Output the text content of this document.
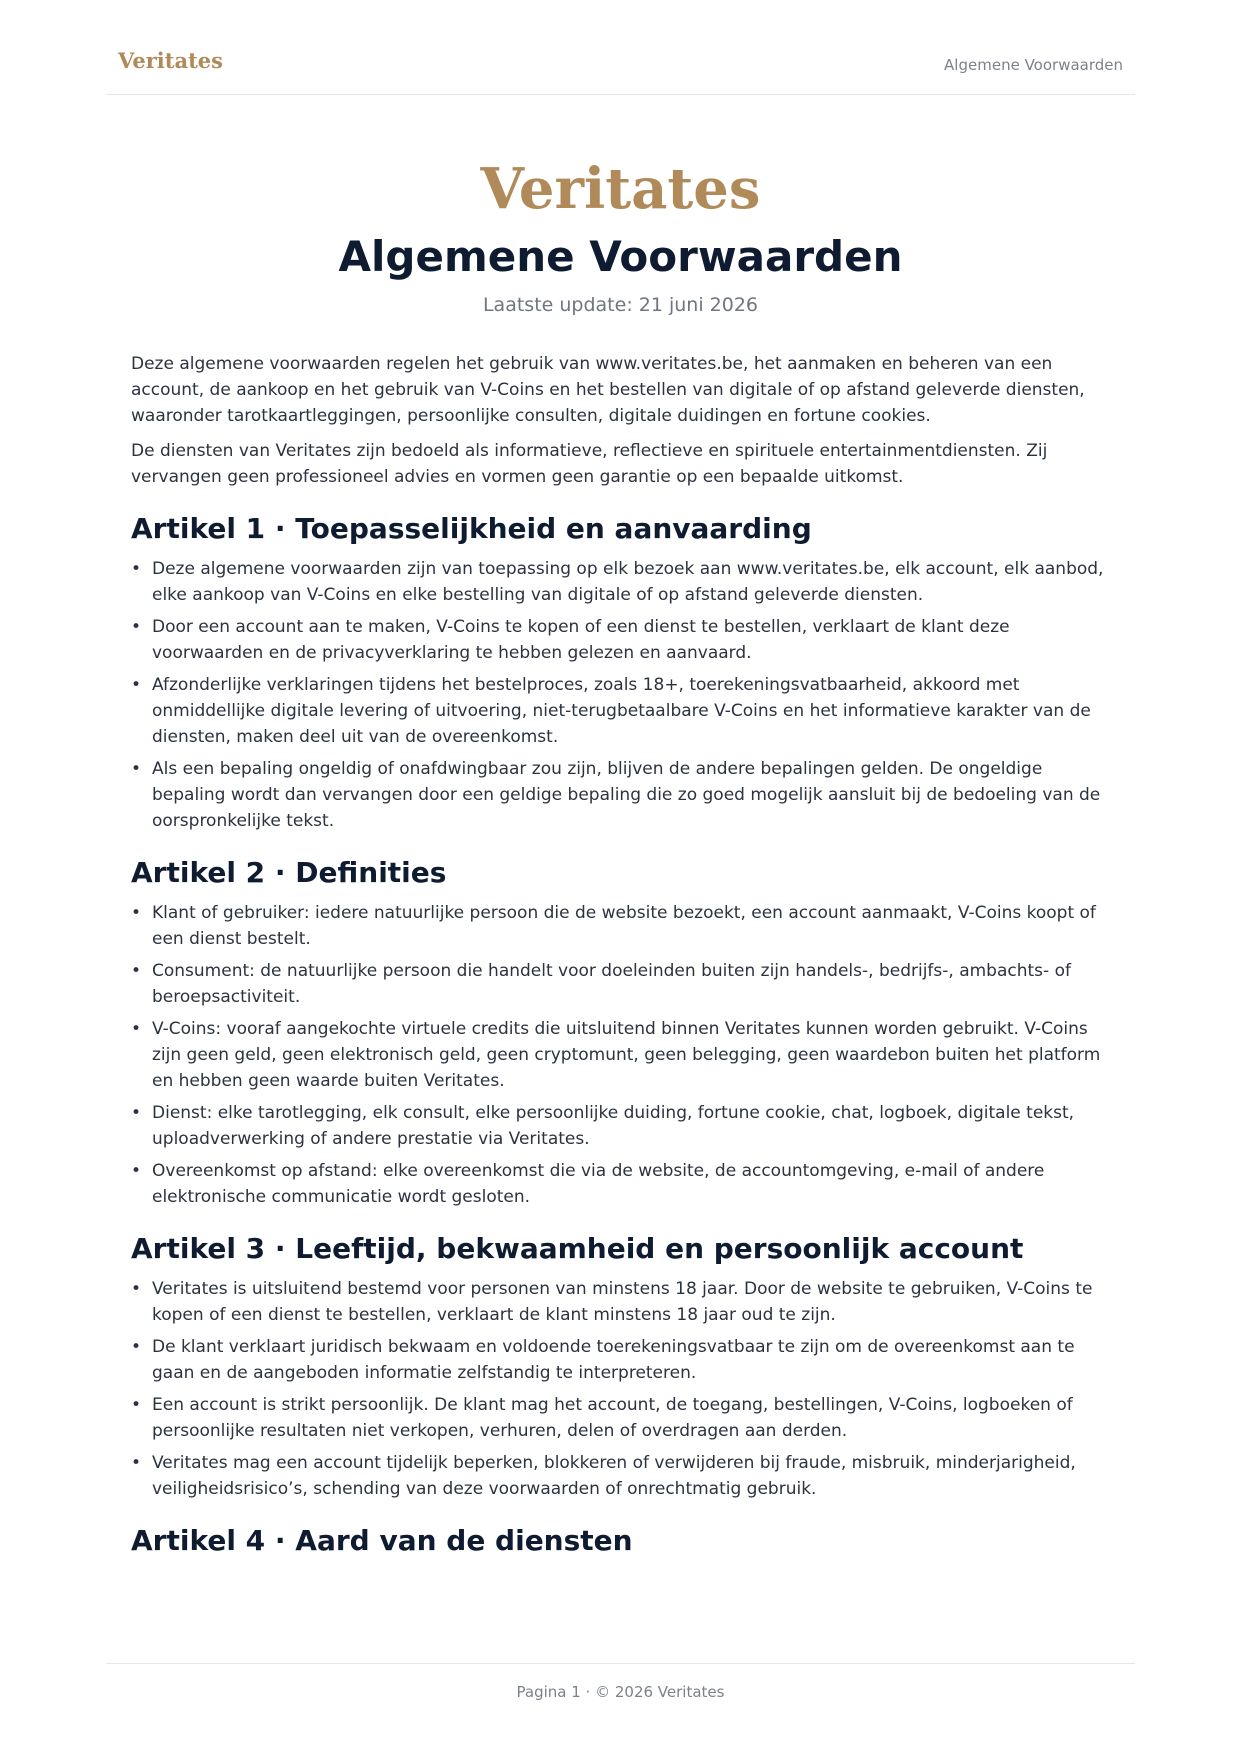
Veritates	Algemene Voorwaarden
Veritates
Algemene Voorwaarden
Laatste update: 21 juni 2026

Deze algemene voorwaarden regelen het gebruik van www.veritates.be, het aanmaken en beheren van een account, de aankoop en het gebruik van V-Coins en het bestellen van digitale of op afstand geleverde diensten, waaronder tarotkaartleggingen, persoonlijke consulten, digitale duidingen en fortune cookies.

De diensten van Veritates zijn bedoeld als informatieve, reflectieve en spirituele entertainmentdiensten. Zij vervangen geen professioneel advies en vormen geen garantie op een bepaalde uitkomst.

Artikel 1 · Toepasselijkheid en aanvaarding
• Deze algemene voorwaarden zijn van toepassing op elk bezoek aan www.veritates.be, elk account, elk aanbod, elke aankoop van V-Coins en elke bestelling van digitale of op afstand geleverde diensten.
• Door een account aan te maken, V-Coins te kopen of een dienst te bestellen, verklaart de klant deze voorwaarden en de privacyverklaring te hebben gelezen en aanvaard.
• Afzonderlijke verklaringen tijdens het bestelproces, zoals 18+, toerekeningsvatbaarheid, akkoord met onmiddellijke digitale levering of uitvoering, niet-terugbetaalbare V-Coins en het informatieve karakter van de diensten, maken deel uit van de overeenkomst.
• Als een bepaling ongeldig of onafdwingbaar zou zijn, blijven de andere bepalingen gelden. De ongeldige bepaling wordt dan vervangen door een geldige bepaling die zo goed mogelijk aansluit bij de bedoeling van de oorspronkelijke tekst.
Artikel 2 · Definities
• Klant of gebruiker: iedere natuurlijke persoon die de website bezoekt, een account aanmaakt, V-Coins koopt of een dienst bestelt.
• Consument: de natuurlijke persoon die handelt voor doeleinden buiten zijn handels-, bedrijfs-, ambachts- of beroepsactiviteit.
• V-Coins: vooraf aangekochte virtuele credits die uitsluitend binnen Veritates kunnen worden gebruikt. V-Coins zijn geen geld, geen elektronisch geld, geen cryptomunt, geen belegging, geen waardebon buiten het platform en hebben geen waarde buiten Veritates.
• Dienst: elke tarotlegging, elk consult, elke persoonlijke duiding, fortune cookie, chat, logboek, digitale tekst, uploadverwerking of andere prestatie via Veritates.
• Overeenkomst op afstand: elke overeenkomst die via de website, de accountomgeving, e-mail of andere elektronische communicatie wordt gesloten.
Artikel 3 · Leeftijd, bekwaamheid en persoonlijk account
• Veritates is uitsluitend bestemd voor personen van minstens 18 jaar. Door de website te gebruiken, V-Coins te kopen of een dienst te bestellen, verklaart de klant minstens 18 jaar oud te zijn.
• De klant verklaart juridisch bekwaam en voldoende toerekeningsvatbaar te zijn om de overeenkomst aan te gaan en de aangeboden informatie zelfstandig te interpreteren.
• Een account is strikt persoonlijk. De klant mag het account, de toegang, bestellingen, V-Coins, logboeken of persoonlijke resultaten niet verkopen, verhuren, delen of overdragen aan derden.
• Veritates mag een account tijdelijk beperken, blokkeren of verwijderen bij fraude, misbruik, minderjarigheid, veiligheidsrisico’s, schending van deze voorwaarden of onrechtmatig gebruik.
Artikel 4 · Aard van de diensten
Pagina 1 · © 2026 Veritates
